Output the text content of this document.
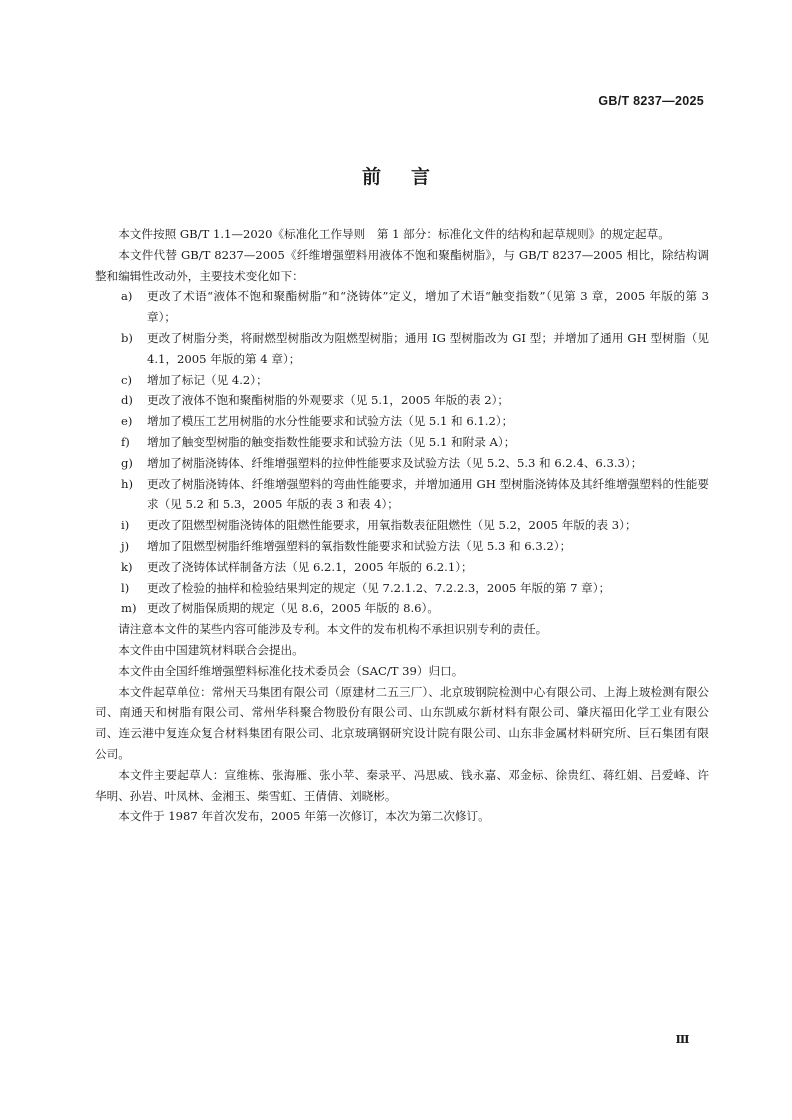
GB/T 8237—2025
前言

本文件按照 GB/T 1.1—2020《标准化工作导则　第 1 部分：标准化文件的结构和起草规则》的规定起草。

本文件代替 GB/T 8237—2005《纤维增强塑料用液体不饱和聚酯树脂》，与 GB/T 8237—2005 相比，除结构调整和编辑性改动外，主要技术变化如下：

a)	更改了术语“液体不饱和聚酯树脂”和“浇铸体”定义，增加了术语“触变指数”（见第 3 章，2005 年版的第 3 章）；
b)	更改了树脂分类，将耐燃型树脂改为阻燃型树脂；通用 IG 型树脂改为 GI 型；并增加了通用 GH 型树脂（见 4.1，2005 年版的第 4 章）；
c)	增加了标记（见 4.2）；
d)	更改了液体不饱和聚酯树脂的外观要求（见 5.1，2005 年版的表 2）；
e)	增加了模压工艺用树脂的水分性能要求和试验方法（见 5.1 和 6.1.2）；
f)	增加了触变型树脂的触变指数性能要求和试验方法（见 5.1 和附录 A）；
g)	增加了树脂浇铸体、纤维增强塑料的拉伸性能要求及试验方法（见 5.2、5.3 和 6.2.4、6.3.3）；
h)	更改了树脂浇铸体、纤维增强塑料的弯曲性能要求，并增加通用 GH 型树脂浇铸体及其纤维增强塑料的性能要求（见 5.2 和 5.3，2005 年版的表 3 和表 4）；
i)	更改了阻燃型树脂浇铸体的阻燃性能要求，用氧指数表征阻燃性（见 5.2，2005 年版的表 3）；
j)	增加了阻燃型树脂纤维增强塑料的氧指数性能要求和试验方法（见 5.3 和 6.3.2）；
k)	更改了浇铸体试样制备方法（见 6.2.1，2005 年版的 6.2.1）；
l)	更改了检验的抽样和检验结果判定的规定（见 7.2.1.2、7.2.2.3，2005 年版的第 7 章）；
m) 更改了树脂保质期的规定（见 8.6，2005 年版的 8.6）。

请注意本文件的某些内容可能涉及专利。本文件的发布机构不承担识别专利的责任。

本文件由中国建筑材料联合会提出。

本文件由全国纤维增强塑料标准化技术委员会（SAC/T 39）归口。

本文件起草单位：常州天马集团有限公司（原建材二五三厂）、北京玻钢院检测中心有限公司、上海上玻检测有限公司、南通天和树脂有限公司、常州华科聚合物股份有限公司、山东凯威尔新材料有限公司、肇庆福田化学工业有限公司、连云港中复连众复合材料集团有限公司、北京玻璃钢研究设计院有限公司、山东非金属材料研究所、巨石集团有限公司。

本文件主要起草人：宣维栋、张海雁、张小苹、秦录平、冯思威、钱永嘉、邓金标、徐贵红、蒋红娟、吕爱峰、许华明、孙岩、叶凤林、金湘玉、柴雪虹、王倩倩、刘晓彬。

本文件于 1987 年首次发布，2005 年第一次修订，本次为第二次修订。

Ⅲ
